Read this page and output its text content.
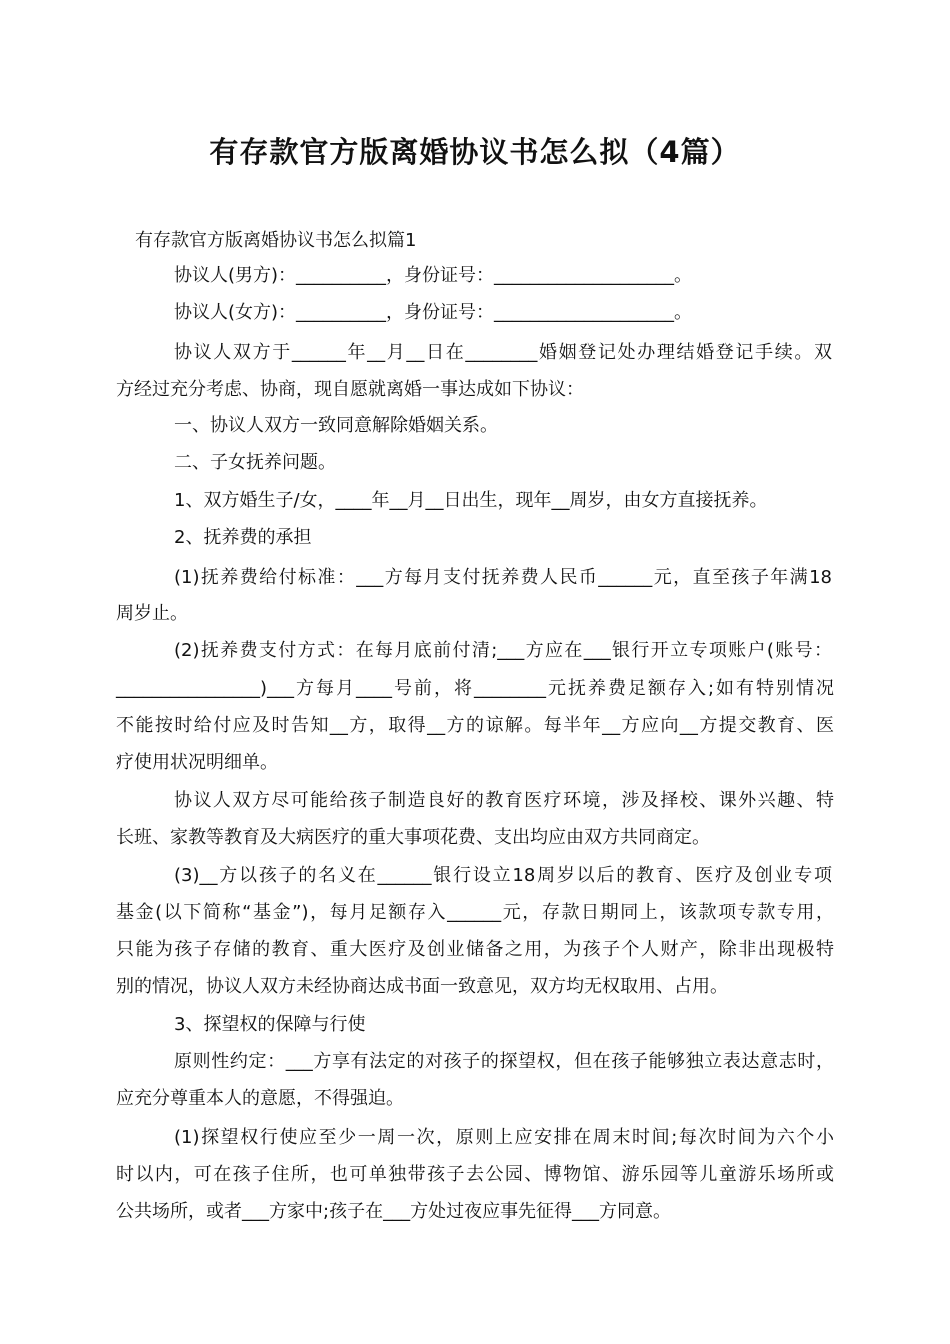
有存款官方版离婚协议书怎么拟（4篇）

有存款官方版离婚协议书怎么拟篇1

协议人(男方)：__________，身份证号：____________________。

协议人(女方)：__________，身份证号：____________________。

协议人双方于______年__月__日在________婚姻登记处办理结婚登记手续。双

方经过充分考虑、协商，现自愿就离婚一事达成如下协议：

一、协议人双方一致同意解除婚姻关系。

二、子女抚养问题。

1、双方婚生子/女，____年__月__日出生，现年__周岁，由女方直接抚养。

2、抚养费的承担

(1)抚养费给付标准：___方每月支付抚养费人民币______元，直至孩子年满18

周岁止。

(2)抚养费支付方式：在每月底前付清;___方应在___银行开立专项账户(账号：

________________)___方每月____号前，将________元抚养费足额存入;如有特别情况

不能按时给付应及时告知__方，取得__方的谅解。每半年__方应向__方提交教育、医

疗使用状况明细单。

协议人双方尽可能给孩子制造良好的教育医疗环境，涉及择校、课外兴趣、特

长班、家教等教育及大病医疗的重大事项花费、支出均应由双方共同商定。

(3)__方以孩子的名义在______银行设立18周岁以后的教育、医疗及创业专项

基金(以下简称“基金”)，每月足额存入______元，存款日期同上，该款项专款专用，

只能为孩子存储的教育、重大医疗及创业储备之用，为孩子个人财产，除非出现极特

别的情况，协议人双方未经协商达成书面一致意见，双方均无权取用、占用。

3、探望权的保障与行使

原则性约定：___方享有法定的对孩子的探望权，但在孩子能够独立表达意志时，

应充分尊重本人的意愿，不得强迫。

(1)探望权行使应至少一周一次，原则上应安排在周末时间;每次时间为六个小

时以内，可在孩子住所，也可单独带孩子去公园、博物馆、游乐园等儿童游乐场所或

公共场所，或者___方家中;孩子在___方处过夜应事先征得___方同意。
